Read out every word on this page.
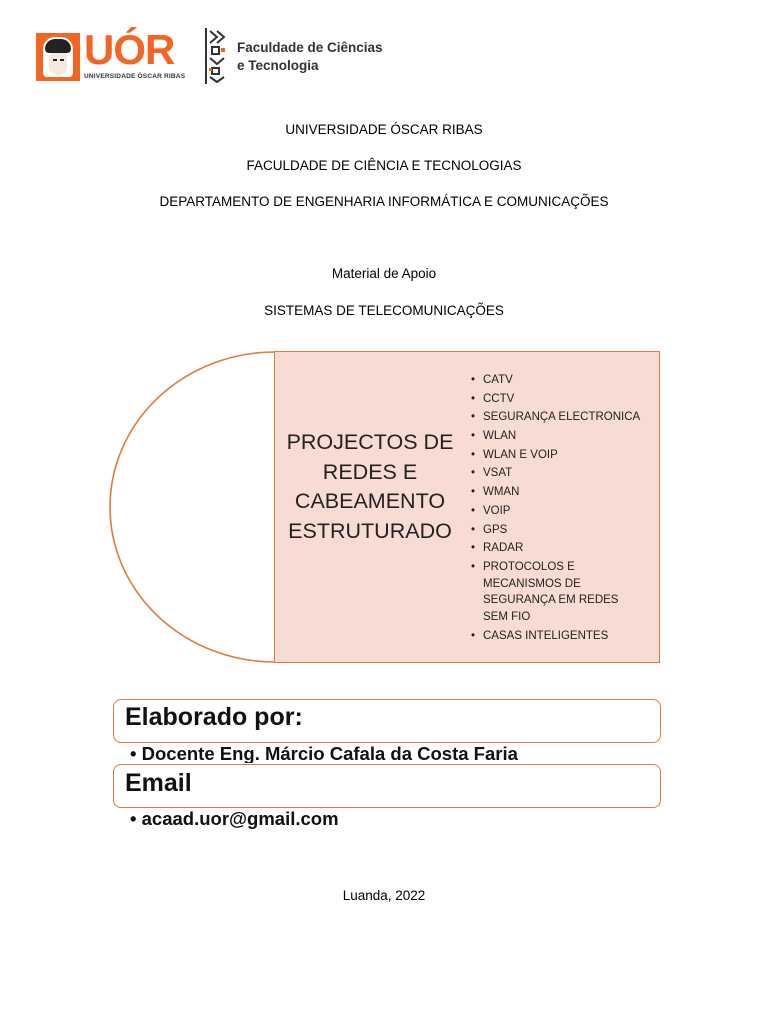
UÓR
UNIVERSIDADE ÓSCAR RIBAS
Faculdade de Ciências
e Tecnologia
UNIVERSIDADE ÓSCAR RIBAS
FACULDADE DE CIÊNCIA E TECNOLOGIAS
DEPARTAMENTO DE ENGENHARIA INFORMÁTICA E COMUNICAÇÕES
Material de Apoio
SISTEMAS DE TELECOMUNICAÇÕES
PROJECTOS DE REDES E CABEAMENTO ESTRUTURADO
• CATV
• CCTV
• SEGURANÇA ELECTRONICA
• WLAN
• WLAN E VOIP
• VSAT
• WMAN
• VOIP
• GPS
• RADAR
• PROTOCOLOS E MECANISMOS DE SEGURANÇA EM REDES SEM FIO
• CASAS INTELIGENTES
Elaborado por:
• Docente Eng. Márcio Cafala da Costa Faria
Email
• acaad.uor@gmail.com
Luanda, 2022
